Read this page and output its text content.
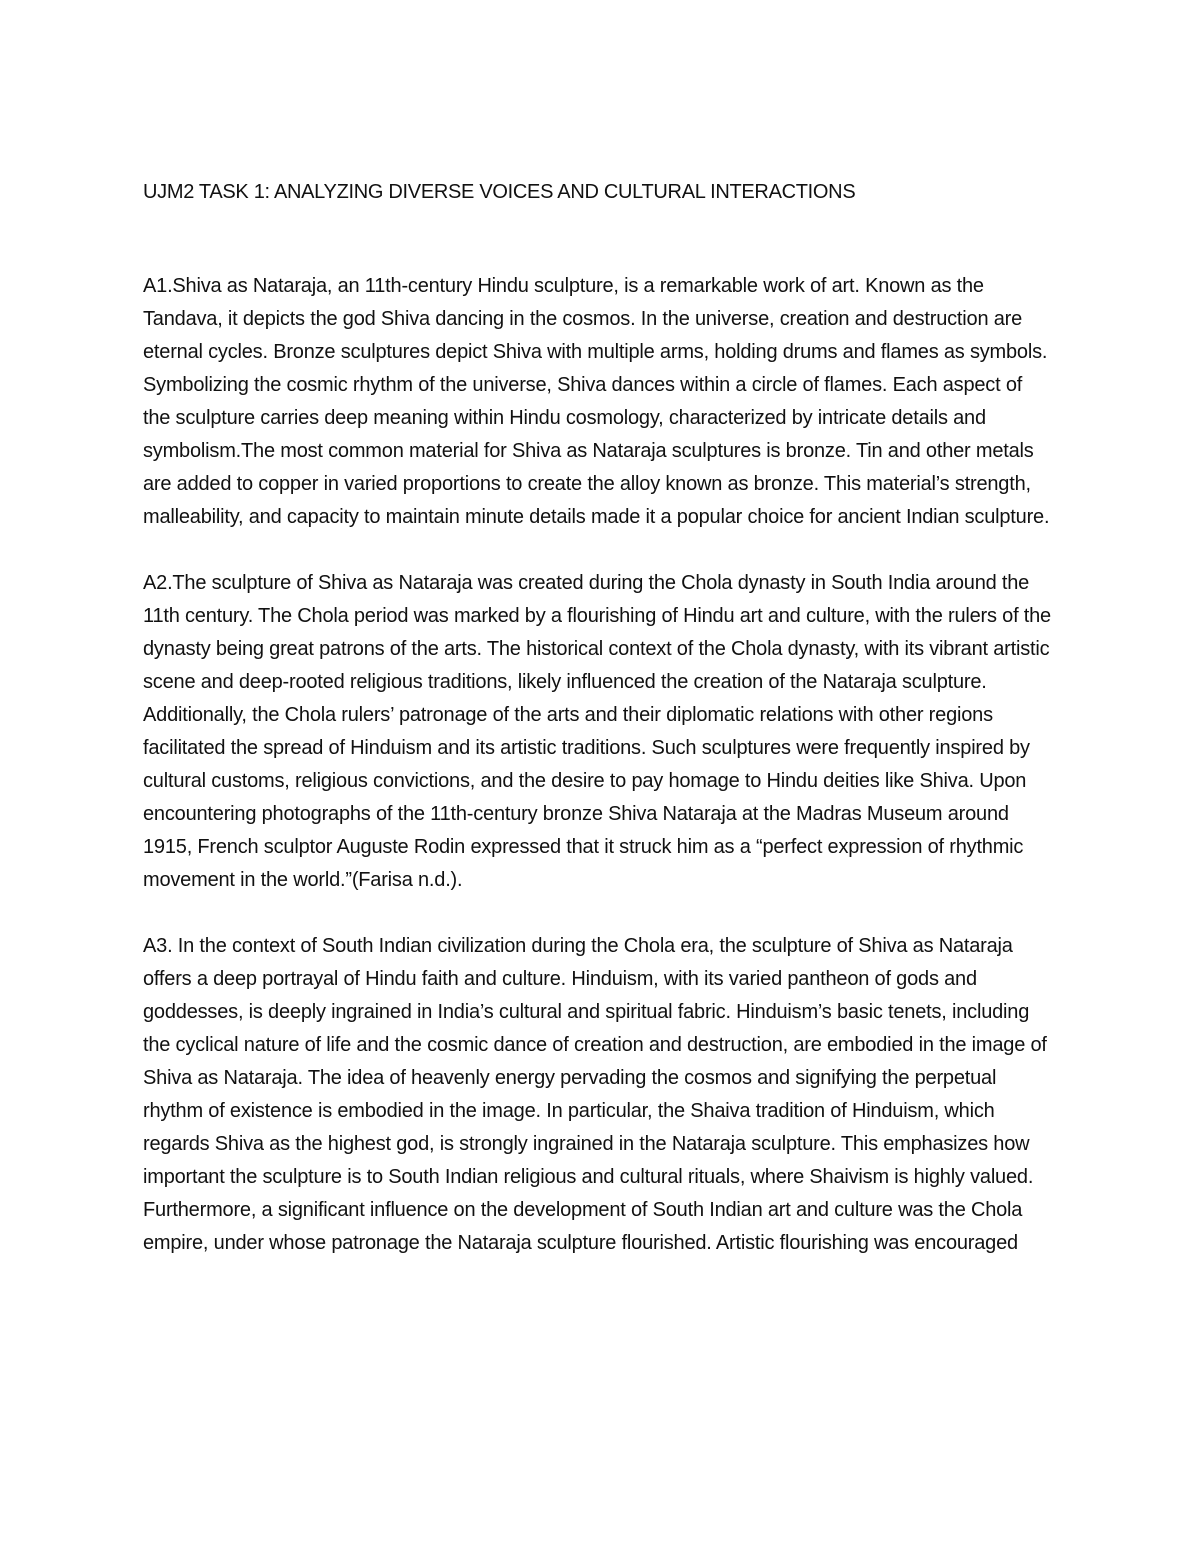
UJM2 TASK 1: ANALYZING DIVERSE VOICES AND CULTURAL INTERACTIONS

A1.Shiva as Nataraja, an 11th-century Hindu sculpture, is a remarkable work of art. Known as the Tandava, it depicts the god Shiva dancing in the cosmos. In the universe, creation and destruction are eternal cycles. Bronze sculptures depict Shiva with multiple arms, holding drums and flames as symbols. Symbolizing the cosmic rhythm of the universe, Shiva dances within a circle of flames. Each aspect of the sculpture carries deep meaning within Hindu cosmology, characterized by intricate details and symbolism.The most common material for Shiva as Nataraja sculptures is bronze. Tin and other metals are added to copper in varied proportions to create the alloy known as bronze. This material’s strength, malleability, and capacity to maintain minute details made it a popular choice for ancient Indian sculpture.

A2.The sculpture of Shiva as Nataraja was created during the Chola dynasty in South India around the 11th century. The Chola period was marked by a flourishing of Hindu art and culture, with the rulers of the dynasty being great patrons of the arts. The historical context of the Chola dynasty, with its vibrant artistic scene and deep-rooted religious traditions, likely influenced the creation of the Nataraja sculpture. Additionally, the Chola rulers’ patronage of the arts and their diplomatic relations with other regions facilitated the spread of Hinduism and its artistic traditions. Such sculptures were frequently inspired by cultural customs, religious convictions, and the desire to pay homage to Hindu deities like Shiva. Upon encountering photographs of the 11th-century bronze Shiva Nataraja at the Madras Museum around 1915, French sculptor Auguste Rodin expressed that it struck him as a “perfect expression of rhythmic movement in the world.”(Farisa n.d.).

A3. In the context of South Indian civilization during the Chola era, the sculpture of Shiva as Nataraja offers a deep portrayal of Hindu faith and culture. Hinduism, with its varied pantheon of gods and goddesses, is deeply ingrained in India’s cultural and spiritual fabric. Hinduism’s basic tenets, including the cyclical nature of life and the cosmic dance of creation and destruction, are embodied in the image of Shiva as Nataraja. The idea of heavenly energy pervading the cosmos and signifying the perpetual rhythm of existence is embodied in the image. In particular, the Shaiva tradition of Hinduism, which regards Shiva as the highest god, is strongly ingrained in the Nataraja sculpture. This emphasizes how important the sculpture is to South Indian religious and cultural rituals, where Shaivism is highly valued. Furthermore, a significant influence on the development of South Indian art and culture was the Chola empire, under whose patronage the Nataraja sculpture flourished. Artistic flourishing was encouraged
